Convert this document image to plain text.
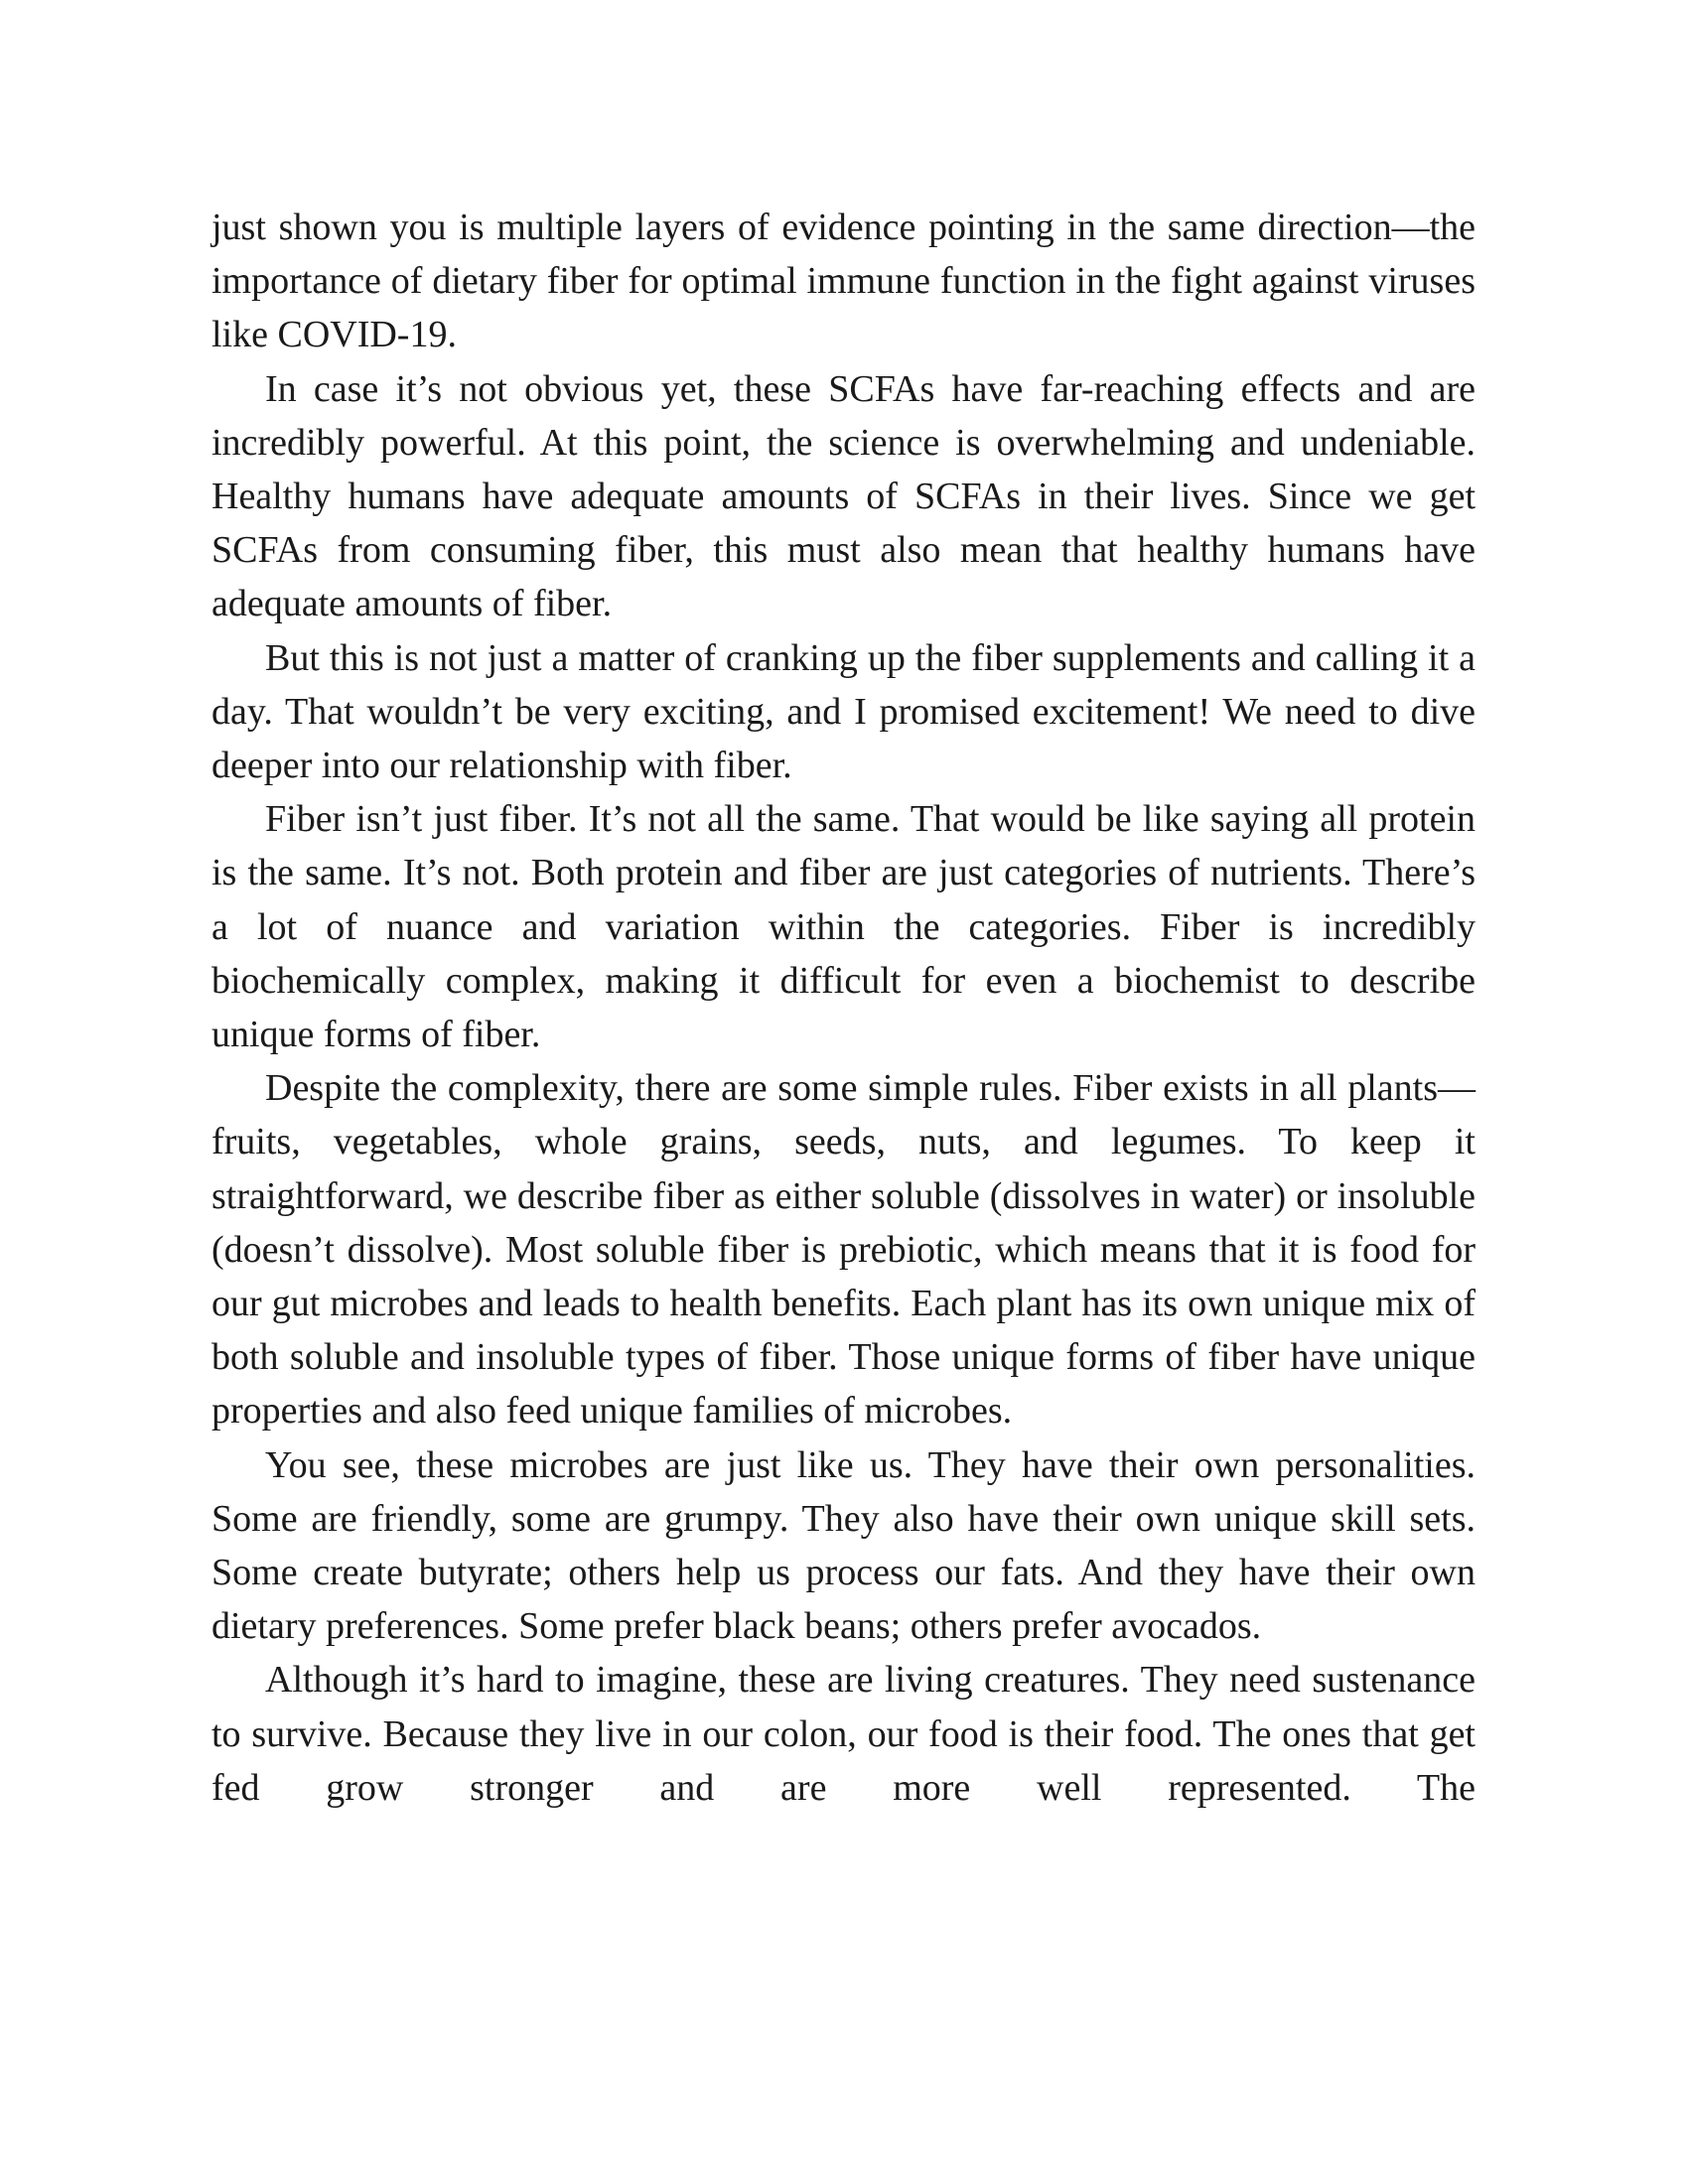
just shown you is multiple layers of evidence pointing in the same direction—the importance of dietary fiber for optimal immune function in the fight against viruses like COVID-19.

In case it’s not obvious yet, these SCFAs have far-reaching effects and are incredibly powerful. At this point, the science is overwhelming and undeniable. Healthy humans have adequate amounts of SCFAs in their lives. Since we get SCFAs from consuming fiber, this must also mean that healthy humans have adequate amounts of fiber.

But this is not just a matter of cranking up the fiber supplements and calling it a day. That wouldn’t be very exciting, and I promised excitement! We need to dive deeper into our relationship with fiber.

Fiber isn’t just fiber. It’s not all the same. That would be like saying all protein is the same. It’s not. Both protein and fiber are just categories of nutrients. There’s a lot of nuance and variation within the categories. Fiber is incredibly biochemically complex, making it difficult for even a biochemist to describe unique forms of fiber.

Despite the complexity, there are some simple rules. Fiber exists in all plants—fruits, vegetables, whole grains, seeds, nuts, and legumes. To keep it straightforward, we describe fiber as either soluble (dissolves in water) or insoluble (doesn’t dissolve). Most soluble fiber is prebiotic, which means that it is food for our gut microbes and leads to health benefits. Each plant has its own unique mix of both soluble and insoluble types of fiber. Those unique forms of fiber have unique properties and also feed unique families of microbes.

You see, these microbes are just like us. They have their own personalities. Some are friendly, some are grumpy. They also have their own unique skill sets. Some create butyrate; others help us process our fats. And they have their own dietary preferences. Some prefer black beans; others prefer avocados.

Although it’s hard to imagine, these are living creatures. They need sustenance to survive. Because they live in our colon, our food is their food. The ones that get fed grow stronger and are more well represented. The
